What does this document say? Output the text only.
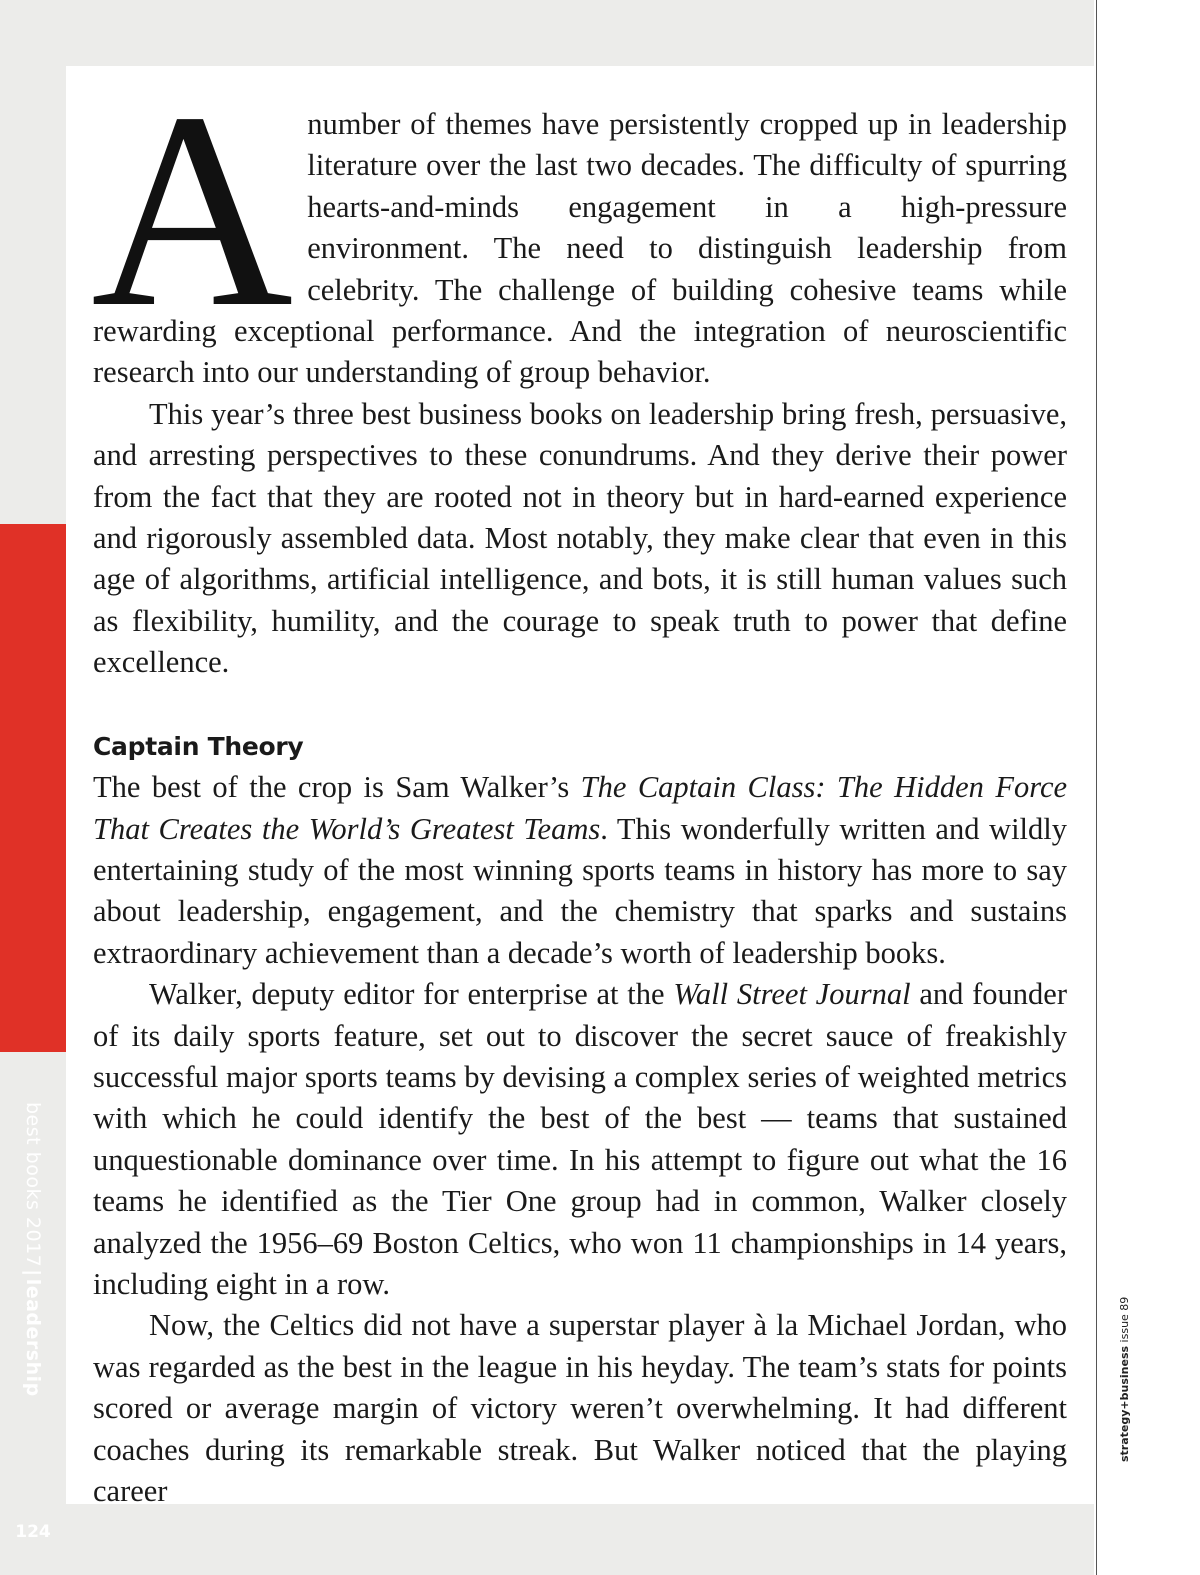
best books 2017|leadership
124
strategy+business issue 89

Anumber of themes have persistently cropped up in leadership literature over the last two decades. The difficulty of spurring hearts-and-minds engagement in a high-pressure environment. The need to distinguish leadership from celebrity. The challenge of building cohesive teams while rewarding exceptional performance. And the integration of neuroscientific research into our understanding of group behavior.

This year’s three best business books on leadership bring fresh, persuasive, and arresting perspectives to these conundrums. And they derive their power from the fact that they are rooted not in theory but in hard-earned experience and rigorously assembled data. Most notably, they make clear that even in this age of algorithms, artificial intelligence, and bots, it is still human values such as flexibility, humility, and the courage to speak truth to power that define excellence.

Captain Theory

The best of the crop is Sam Walker’s The Captain Class: The Hidden Force That Creates the World’s Greatest Teams. This wonderfully written and wildly entertaining study of the most winning sports teams in history has more to say about leadership, engagement, and the chemistry that sparks and sustains extraordinary achievement than a decade’s worth of leadership books.

Walker, deputy editor for enterprise at the Wall Street Journal and founder of its daily sports feature, set out to discover the secret sauce of freakishly successful major sports teams by devising a complex series of weighted metrics with which he could identify the best of the best — teams that sustained unquestionable dominance over time. In his attempt to figure out what the 16 teams he identified as the Tier One group had in common, Walker closely analyzed the 1956–69 Boston Celtics, who won 11 championships in 14 years, including eight in a row.

Now, the Celtics did not have a superstar player à la Michael Jordan, who was regarded as the best in the league in his heyday. The team’s stats for points scored or average margin of victory weren’t overwhelming. It had different coaches during its remarkable streak. But Walker noticed that the playing career
